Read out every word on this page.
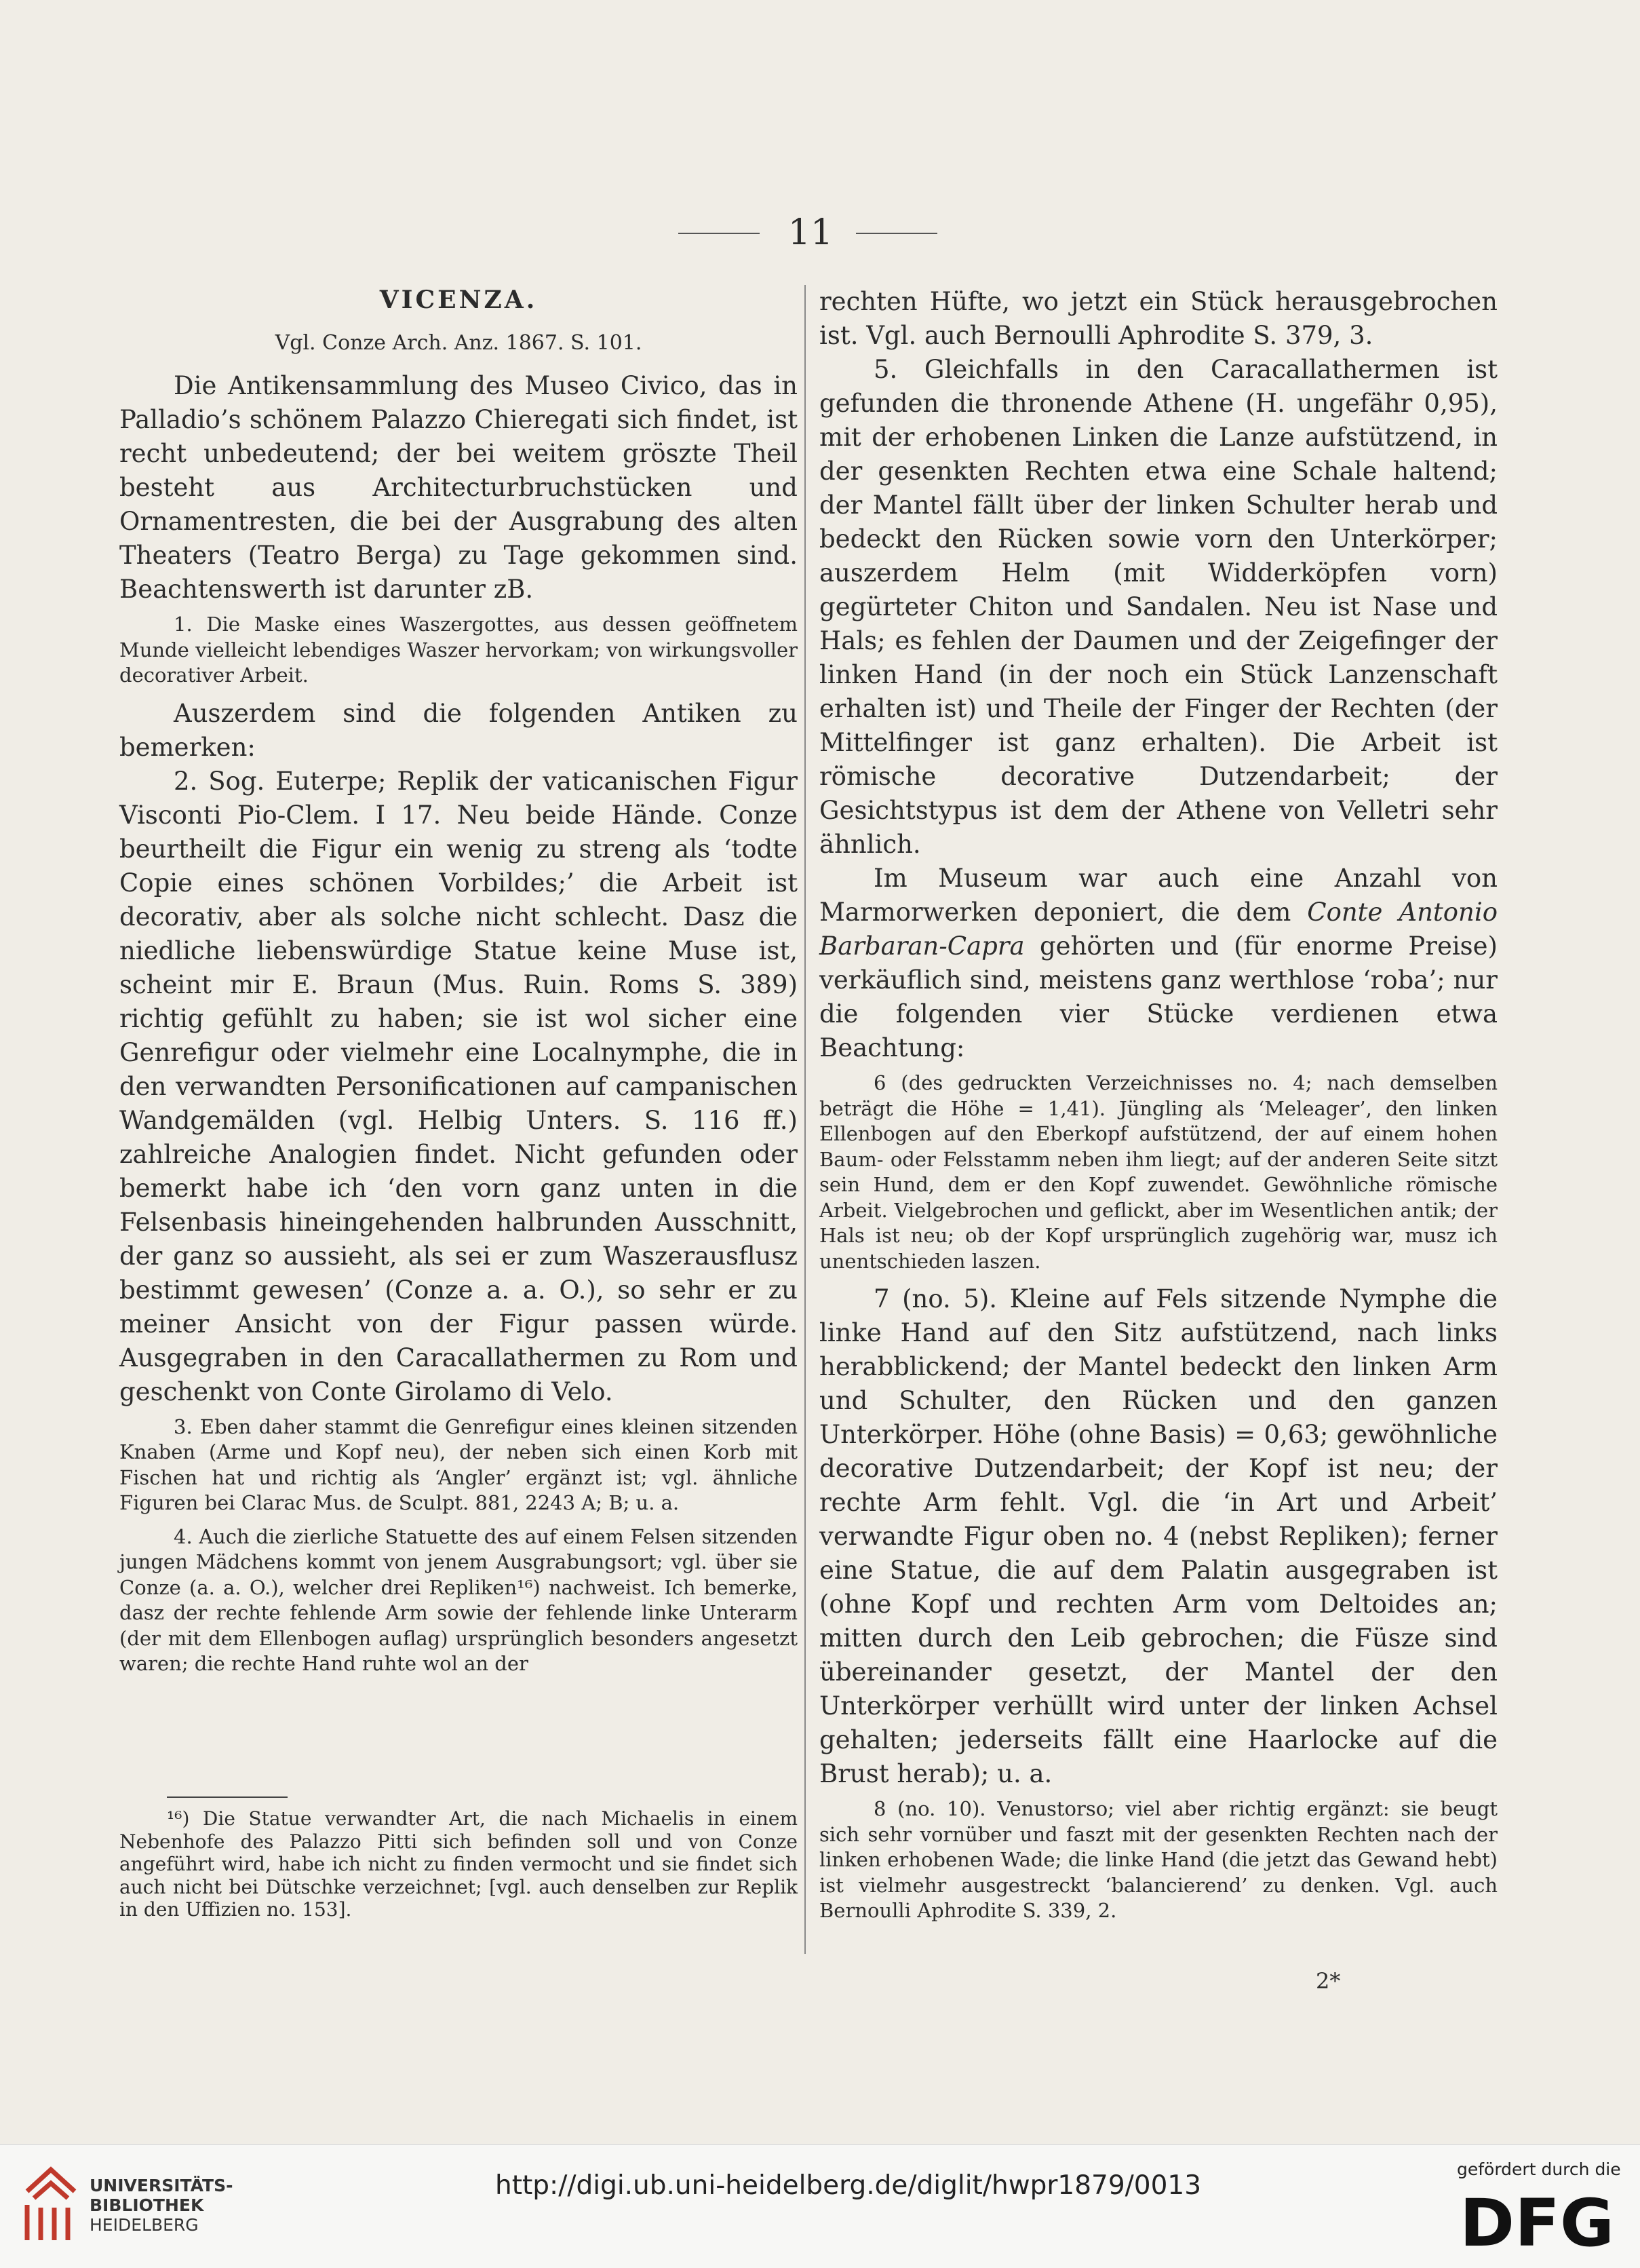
11
VICENZA.
Vgl. Conze Arch. Anz. 1867. S. 101.

Die Antikensammlung des Museo Civico, das in Palladio’s schönem Palazzo Chieregati sich findet, ist recht unbedeutend; der bei weitem gröszte Theil besteht aus Architecturbruchstücken und Ornamentresten, die bei der Ausgrabung des alten Theaters (Teatro Berga) zu Tage gekommen sind. Beachtenswerth ist darunter zB.

1. Die Maske eines Waszergottes, aus dessen geöffnetem Munde vielleicht lebendiges Waszer hervorkam; von wirkungsvoller decorativer Arbeit.

Auszerdem sind die folgenden Antiken zu bemerken:

2. Sog. Euterpe; Replik der vaticanischen Figur Visconti Pio-Clem. I 17. Neu beide Hände. Conze beurtheilt die Figur ein wenig zu streng als ‘todte Copie eines schönen Vorbildes;’ die Arbeit ist decorativ, aber als solche nicht schlecht. Dasz die niedliche liebenswürdige Statue keine Muse ist, scheint mir E. Braun (Mus. Ruin. Roms S. 389) richtig gefühlt zu haben; sie ist wol sicher eine Genrefigur oder vielmehr eine Localnymphe, die in den verwandten Personificationen auf campanischen Wandgemälden (vgl. Helbig Unters. S. 116 ff.) zahlreiche Analogien findet. Nicht gefunden oder bemerkt habe ich ‘den vorn ganz unten in die Felsenbasis hineingehenden halbrunden Ausschnitt, der ganz so aussieht, als sei er zum Waszerausflusz bestimmt gewesen’ (Conze a. a. O.), so sehr er zu meiner Ansicht von der Figur passen würde. Ausgegraben in den Caracallathermen zu Rom und geschenkt von Conte Girolamo di Velo.

3. Eben daher stammt die Genrefigur eines kleinen sitzenden Knaben (Arme und Kopf neu), der neben sich einen Korb mit Fischen hat und richtig als ‘Angler’ ergänzt ist; vgl. ähnliche Figuren bei Clarac Mus. de Sculpt. 881, 2243 A; B; u. a.

4. Auch die zierliche Statuette des auf einem Felsen sitzenden jungen Mädchens kommt von jenem Ausgrabungsort; vgl. über sie Conze (a. a. O.), welcher drei Repliken¹⁶) nachweist. Ich bemerke, dasz der rechte fehlende Arm sowie der fehlende linke Unterarm (der mit dem Ellenbogen auflag) ursprünglich besonders angesetzt waren; die rechte Hand ruhte wol an der

rechten Hüfte, wo jetzt ein Stück herausgebrochen ist. Vgl. auch Bernoulli Aphrodite S. 379, 3.

5. Gleichfalls in den Caracallathermen ist gefunden die thronende Athene (H. ungefähr 0,95), mit der erhobenen Linken die Lanze aufstützend, in der gesenkten Rechten etwa eine Schale haltend; der Mantel fällt über der linken Schulter herab und bedeckt den Rücken sowie vorn den Unterkörper; auszerdem Helm (mit Widderköpfen vorn) gegürteter Chiton und Sandalen. Neu ist Nase und Hals; es fehlen der Daumen und der Zeigefinger der linken Hand (in der noch ein Stück Lanzenschaft erhalten ist) und Theile der Finger der Rechten (der Mittelfinger ist ganz erhalten). Die Arbeit ist römische decorative Dutzendarbeit; der Gesichtstypus ist dem der Athene von Velletri sehr ähnlich.

Im Museum war auch eine Anzahl von Marmorwerken deponiert, die dem Conte Antonio Barbaran-Capra gehörten und (für enorme Preise) verkäuflich sind, meistens ganz werthlose ‘roba’; nur die folgenden vier Stücke verdienen etwa Beachtung:

6 (des gedruckten Verzeichnisses no. 4; nach demselben beträgt die Höhe = 1,41). Jüngling als ‘Meleager’, den linken Ellenbogen auf den Eberkopf aufstützend, der auf einem hohen Baum- oder Felsstamm neben ihm liegt; auf der anderen Seite sitzt sein Hund, dem er den Kopf zuwendet. Gewöhnliche römische Arbeit. Vielgebrochen und geflickt, aber im Wesentlichen antik; der Hals ist neu; ob der Kopf ursprünglich zugehörig war, musz ich unentschieden laszen.

7 (no. 5). Kleine auf Fels sitzende Nymphe die linke Hand auf den Sitz aufstützend, nach links herabblickend; der Mantel bedeckt den linken Arm und Schulter, den Rücken und den ganzen Unterkörper. Höhe (ohne Basis) = 0,63; gewöhnliche decorative Dutzendarbeit; der Kopf ist neu; der rechte Arm fehlt. Vgl. die ‘in Art und Arbeit’ verwandte Figur oben no. 4 (nebst Repliken); ferner eine Statue, die auf dem Palatin ausgegraben ist (ohne Kopf und rechten Arm vom Deltoides an; mitten durch den Leib gebrochen; die Füsze sind übereinander gesetzt, der Mantel der den Unterkörper verhüllt wird unter der linken Achsel gehalten; jederseits fällt eine Haarlocke auf die Brust herab); u. a.

8 (no. 10). Venustorso; viel aber richtig ergänzt: sie beugt sich sehr vornüber und faszt mit der gesenkten Rechten nach der linken erhobenen Wade; die linke Hand (die jetzt das Gewand hebt) ist vielmehr ausgestreckt ‘balancierend’ zu denken. Vgl. auch Bernoulli Aphrodite S. 339, 2.

¹⁶) Die Statue verwandter Art, die nach Michaelis in einem Nebenhofe des Palazzo Pitti sich befinden soll und von Conze angeführt wird, habe ich nicht zu finden vermocht und sie findet sich auch nicht bei Dütschke verzeichnet; [vgl. auch denselben zur Replik in den Uffizien no. 153].
2*
UNIVERSITÄTS-
BIBLIOTHEK
HEIDELBERG
http://digi.ub.uni-heidelberg.de/diglit/hwpr1879/0013
gefördert durch die
DFG
